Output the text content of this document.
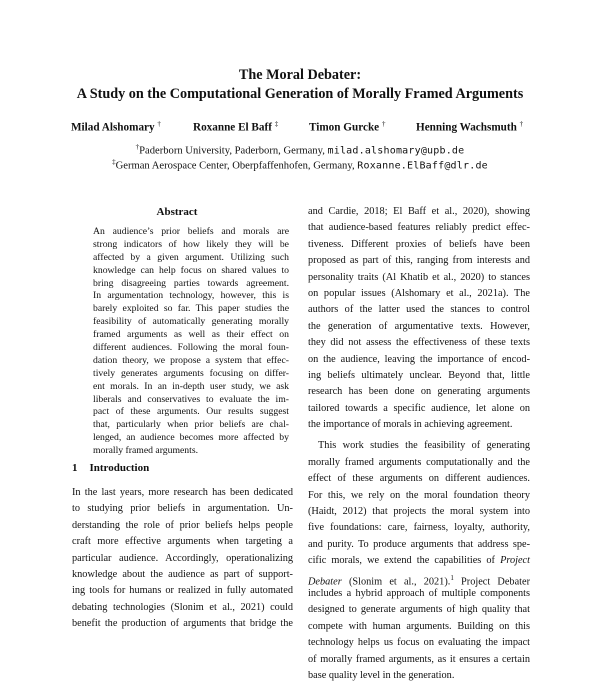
The Moral Debater:
A Study on the Computational Generation of Morally Framed Arguments
Milad Alshomary †	Roxanne El Baff ‡	Timon Gurcke †	Henning Wachsmuth †
†Paderborn University, Paderborn, Germany, milad.alshomary@upb.de
‡German Aerospace Center, Oberpfaffenhofen, Germany, Roxanne.ElBaff@dlr.de
Abstract
An audience’s prior beliefs and morals are
strong indicators of how likely they will be
affected by a given argument. Utilizing such
knowledge can help focus on shared values to
bring disagreeing parties towards agreement.
In argumentation technology, however, this is
barely exploited so far. This paper studies the
feasibility of automatically generating morally
framed arguments as well as their effect on
different audiences. Following the moral foun-
dation theory, we propose a system that effec-
tively generates arguments focusing on differ-
ent morals. In an in-depth user study, we ask
liberals and conservatives to evaluate the im-
pact of these arguments. Our results suggest
that, particularly when prior beliefs are chal-
lenged, an audience becomes more affected by
morally framed arguments.
1 Introduction
In the last years, more research has been dedicated
to studying prior beliefs in argumentation. Un-
derstanding the role of prior beliefs helps people
craft more effective arguments when targeting a
particular audience. Accordingly, operationalizing
knowledge about the audience as part of support-
ing tools for humans or realized in fully automated
debating technologies (Slonim et al., 2021) could
benefit the production of arguments that bridge the
and Cardie, 2018; El Baff et al., 2020), showing
that audience-based features reliably predict effec-
tiveness. Different proxies of beliefs have been
proposed as part of this, ranging from interests and
personality traits (Al Khatib et al., 2020) to stances
on popular issues (Alshomary et al., 2021a). The
authors of the latter used the stances to control
the generation of argumentative texts. However,
they did not assess the effectiveness of these texts
on the audience, leaving the importance of encod-
ing beliefs ultimately unclear. Beyond that, little
research has been done on generating arguments
tailored towards a specific audience, let alone on
the importance of morals in achieving agreement.
This work studies the feasibility of generating
morally framed arguments computationally and the
effect of these arguments on different audiences.
For this, we rely on the moral foundation theory
(Haidt, 2012) that projects the moral system into
five foundations: care, fairness, loyalty, authority,
and purity. To produce arguments that address spe-
cific morals, we extend the capabilities of Project
Debater (Slonim et al., 2021).$^1$ Project Debater
includes a hybrid approach of multiple components
designed to generate arguments of high quality that
compete with human arguments. Building on this
technology helps us focus on evaluating the impact
of morally framed arguments, as it ensures a certain
base quality level in the generation.
